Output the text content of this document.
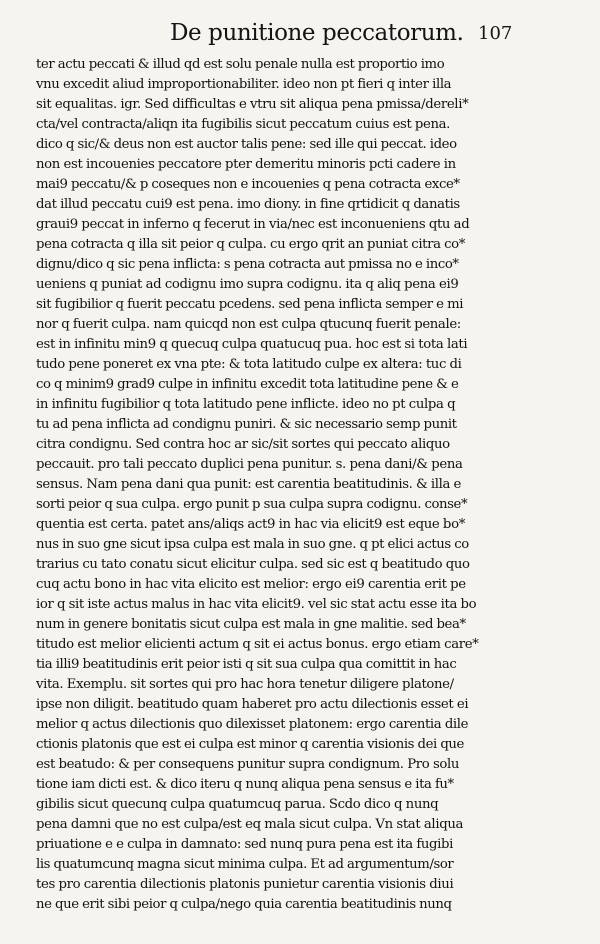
De punitione peccatorum. 107
ter actu peccati & illud qd est solu penale nulla est proportio imo
vnu excedit aliud improportionabiliter. ideo non pt fieri q inter illa
sit equalitas. igr. Sed difficultas e vtru sit aliqua pena pmissa/dereli*
cta/vel contracta/aliqn ita fugibilis sicut peccatum cuius est pena.
dico q sic/& deus non est auctor talis pene: sed ille qui peccat. ideo
non est incouenies peccatore pter demeritu minoris pcti cadere in
mai9 peccatu/& p coseques non e incouenies q pena cotracta exce*
dat illud peccatu cui9 est pena. imo diony. in fine qrtidicit q danatis
graui9 peccat in inferno q fecerut in via/nec est inconueniens qtu ad
pena cotracta q illa sit peior q culpa. cu ergo qrit an puniat citra co*
dignu/dico q sic pena inflicta: s pena cotracta aut pmissa no e inco*
ueniens q puniat ad codignu imo supra codignu. ita q aliq pena ei9
sit fugibilior q fuerit peccatu pcedens. sed pena inflicta semper e mi
nor q fuerit culpa. nam quicqd non est culpa qtucunq fuerit penale:
est in infinitu min9 q quecuq culpa quatucuq pua. hoc est si tota lati
tudo pene poneret ex vna pte: & tota latitudo culpe ex altera: tuc di
co q minim9 grad9 culpe in infinitu excedit tota latitudine pene & e
in infinitu fugibilior q tota latitudo pene inflicte. ideo no pt culpa q
tu ad pena inflicta ad condignu puniri. & sic necessario semp punit
citra condignu. Sed contra hoc ar sic/sit sortes qui peccato aliquo
peccauit. pro tali peccato duplici pena punitur. s. pena dani/& pena
sensus. Nam pena dani qua punit: est carentia beatitudinis. & illa e
sorti peior q sua culpa. ergo punit p sua culpa supra codignu. conse*
quentia est certa. patet ans/aliqs act9 in hac via elicit9 est eque bo*
nus in suo gne sicut ipsa culpa est mala in suo gne. q pt elici actus co
trarius cu tato conatu sicut elicitur culpa. sed sic est q beatitudo quo
cuq actu bono in hac vita elicito est melior: ergo ei9 carentia erit pe
ior q sit iste actus malus in hac vita elicit9. vel sic stat actu esse ita bo
num in genere bonitatis sicut culpa est mala in gne malitie. sed bea*
titudo est melior elicienti actum q sit ei actus bonus. ergo etiam care*
tia illi9 beatitudinis erit peior isti q sit sua culpa qua comittit in hac
vita. Exemplu. sit sortes qui pro hac hora tenetur diligere platone/
ipse non diligit. beatitudo quam haberet pro actu dilectionis esset ei
melior q actus dilectionis quo dilexisset platonem: ergo carentia dile
ctionis platonis que est ei culpa est minor q carentia visionis dei que
est beatudo: & per consequens punitur supra condignum. Pro solu
tione iam dicti est. & dico iteru q nunq aliqua pena sensus e ita fu*
gibilis sicut quecunq culpa quatumcuq parua. Scdo dico q nunq
pena damni que no est culpa/est eq mala sicut culpa. Vn stat aliqua
priuatione e e culpa in damnato: sed nunq pura pena est ita fugibi
lis quatumcunq magna sicut minima culpa. Et ad argumentum/sor
tes pro carentia dilectionis platonis punietur carentia visionis diui
ne que erit sibi peior q culpa/nego quia carentia beatitudinis nunq
